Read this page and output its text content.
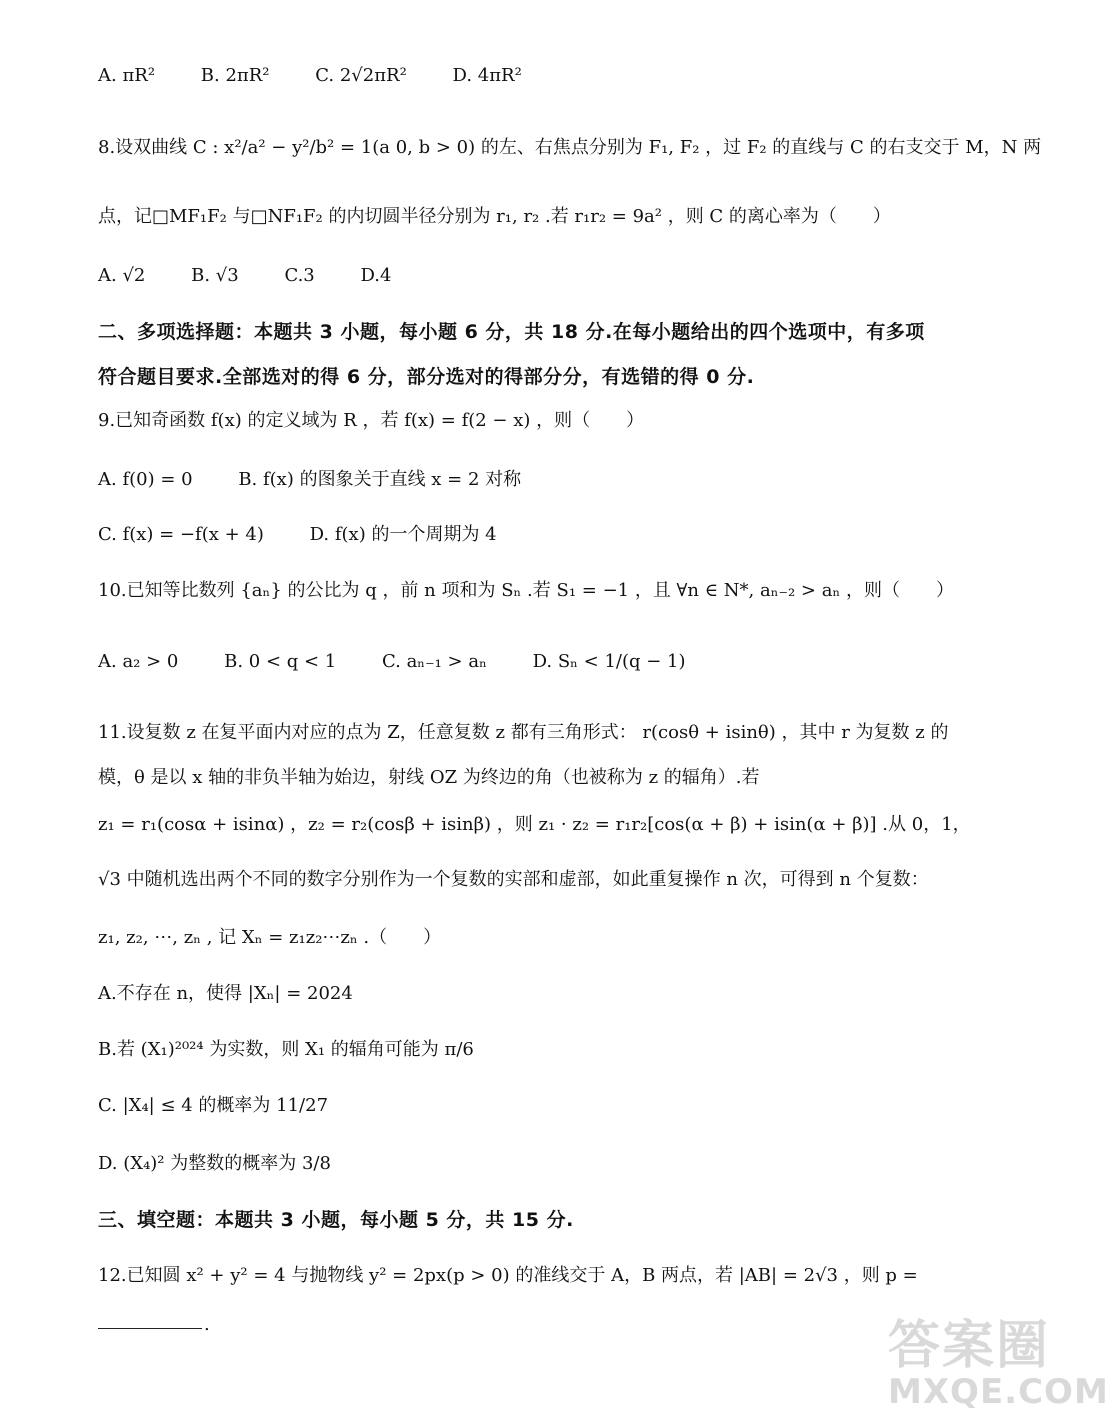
A. πR²	B. 2πR²	C. 2√2πR²	D. 4πR²
8.设双曲线 C : x²/a² − y²/b² = 1(a 0, b > 0) 的左、右焦点分别为 F₁, F₂ ，过 F₂ 的直线与 C 的右支交于 M，N 两
点，记□MF₁F₂ 与□NF₁F₂ 的内切圆半径分别为 r₁, r₂ .若 r₁r₂ = 9a² ，则 C 的离心率为（　　）
A. √2	B. √3	C.3	D.4
二、多项选择题：本题共 3 小题，每小题 6 分，共 18 分.在每小题给出的四个选项中，有多项
符合题目要求.全部选对的得 6 分，部分选对的得部分分，有选错的得 0 分.
9.已知奇函数 f(x) 的定义域为 R ，若 f(x) = f(2 − x) ，则（　　）
A. f(0) = 0	B. f(x) 的图象关于直线 x = 2 对称
C. f(x) = −f(x + 4)	D. f(x) 的一个周期为 4
10.已知等比数列 {aₙ} 的公比为 q ，前 n 项和为 Sₙ .若 S₁ = −1 ，且 ∀n ∈ N*, aₙ₋₂ > aₙ ，则（　　）
A. a₂ > 0	B. 0 < q < 1	C. aₙ₋₁ > aₙ	D. Sₙ < 1/(q − 1)
11.设复数 z 在复平面内对应的点为 Z，任意复数 z 都有三角形式： r(cosθ + isinθ) ，其中 r 为复数 z 的
模，θ 是以 x 轴的非负半轴为始边，射线 OZ 为终边的角（也被称为 z 的辐角）.若
z₁ = r₁(cosα + isinα) ，z₂ = r₂(cosβ + isinβ) ，则 z₁ · z₂ = r₁r₂[cos(α + β) + isin(α + β)] .从 0，1，
√3 中随机选出两个不同的数字分别作为一个复数的实部和虚部，如此重复操作 n 次，可得到 n 个复数：
z₁, z₂, ⋯, zₙ , 记 Xₙ = z₁z₂⋯zₙ .（　　）
A.不存在 n，使得 |Xₙ| = 2024
B.若 (X₁)²⁰²⁴ 为实数，则 X₁ 的辐角可能为 π/6
C. |X₄| ≤ 4 的概率为 11/27
D. (X₄)² 为整数的概率为 3/8
三、填空题：本题共 3 小题，每小题 5 分，共 15 分.
12.已知圆 x² + y² = 4 与抛物线 y² = 2px(p > 0) 的准线交于 A，B 两点，若 |AB| = 2√3 ，则 p =
.	答案圈
MXQE.COM
